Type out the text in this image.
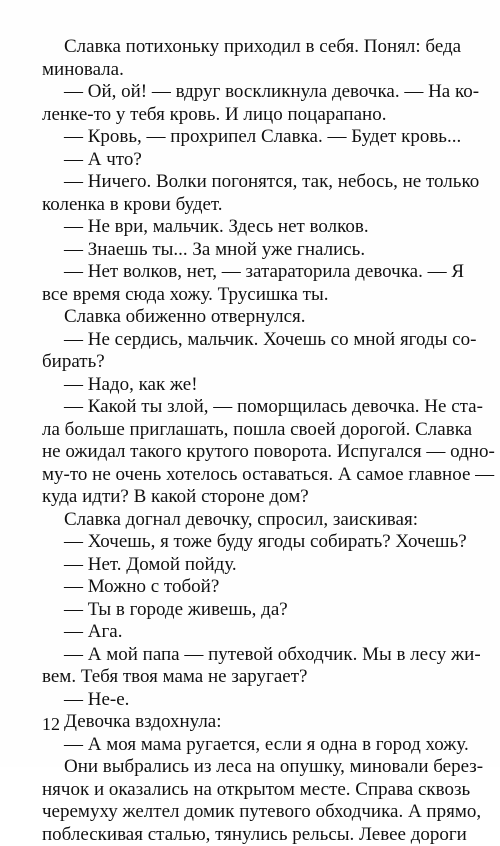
Славка потихоньку приходил в себя. Понял: беда
миновала.
— Ой, ой! — вдруг воскликнула девочка. — На ко-
ленке-то у тебя кровь. И лицо поцарапано.
— Кровь, — прохрипел Славка. — Будет кровь...
— А что?
— Ничего. Волки погонятся, так, небось, не только
коленка в крови будет.
— Не ври, мальчик. Здесь нет волков.
— Знаешь ты... За мной уже гнались.
— Нет волков, нет, — затараторила девочка. — Я
все время сюда хожу. Трусишка ты.
Славка обиженно отвернулся.
— Не сердись, мальчик. Хочешь со мной ягоды со-
бирать?
— Надо, как же!
— Какой ты злой, — поморщилась девочка. Не ста-
ла больше приглашать, пошла своей дорогой. Славка
не ожидал такого крутого поворота. Испугался — одно-
му-то не очень хотелось оставаться. А самое главное —
куда идти? В какой стороне дом?
Славка догнал девочку, спросил, заискивая:
— Хочешь, я тоже буду ягоды собирать? Хочешь?
— Нет. Домой пойду.
— Можно с тобой?
— Ты в городе живешь, да?
— Ага.
— А мой папа — путевой обходчик. Мы в лесу жи-
вем. Тебя твоя мама не заругает?
— Не-е.
Девочка вздохнула:
— А моя мама ругается, если я одна в город хожу.
Они выбрались из леса на опушку, миновали берез-
нячок и оказались на открытом месте. Справа сквозь
черемуху желтел домик путевого обходчика. А прямо,
поблескивая сталью, тянулись рельсы. Левее дороги
12
